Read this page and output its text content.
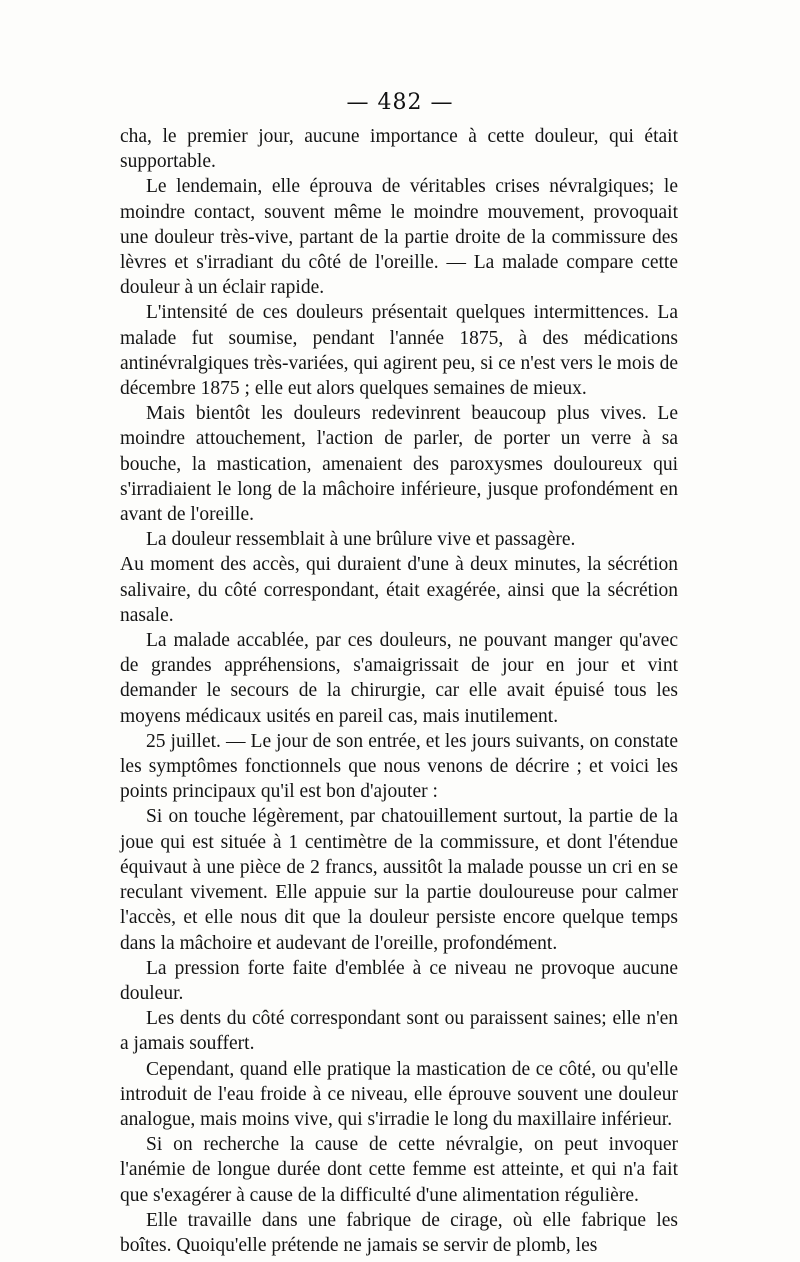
— 482 —

cha, le premier jour, aucune importance à cette douleur, qui était supportable.

Le lendemain, elle éprouva de véritables crises névralgiques; le moindre contact, souvent même le moindre mouvement, provoquait une douleur très-vive, partant de la partie droite de la commissure des lèvres et s'irradiant du côté de l'oreille. — La malade compare cette douleur à un éclair rapide.

L'intensité de ces douleurs présentait quelques intermittences. La malade fut soumise, pendant l'année 1875, à des médications antinévralgiques très-variées, qui agirent peu, si ce n'est vers le mois de décembre 1875 ; elle eut alors quelques semaines de mieux.

Mais bientôt les douleurs redevinrent beaucoup plus vives. Le moindre attouchement, l'action de parler, de porter un verre à sa bouche, la mastication, amenaient des paroxysmes douloureux qui s'irradiaient le long de la mâchoire inférieure, jusque profondément en avant de l'oreille.

La douleur ressemblait à une brûlure vive et passagère.

Au moment des accès, qui duraient d'une à deux minutes, la sécrétion salivaire, du côté correspondant, était exagérée, ainsi que la sécrétion nasale.

La malade accablée, par ces douleurs, ne pouvant manger qu'avec de grandes appréhensions, s'amaigrissait de jour en jour et vint demander le secours de la chirurgie, car elle avait épuisé tous les moyens médicaux usités en pareil cas, mais inutilement.

25 juillet. — Le jour de son entrée, et les jours suivants, on constate les symptômes fonctionnels que nous venons de décrire ; et voici les points principaux qu'il est bon d'ajouter :

Si on touche légèrement, par chatouillement surtout, la partie de la joue qui est située à 1 centimètre de la commissure, et dont l'étendue équivaut à une pièce de 2 francs, aussitôt la malade pousse un cri en se reculant vivement. Elle appuie sur la partie douloureuse pour calmer l'accès, et elle nous dit que la douleur persiste encore quelque temps dans la mâchoire et audevant de l'oreille, profondément.

La pression forte faite d'emblée à ce niveau ne provoque aucune douleur.

Les dents du côté correspondant sont ou paraissent saines; elle n'en a jamais souffert.

Cependant, quand elle pratique la mastication de ce côté, ou qu'elle introduit de l'eau froide à ce niveau, elle éprouve souvent une douleur analogue, mais moins vive, qui s'irradie le long du maxillaire inférieur.

Si on recherche la cause de cette névralgie, on peut invoquer l'anémie de longue durée dont cette femme est atteinte, et qui n'a fait que s'exagérer à cause de la difficulté d'une alimentation régulière.

Elle travaille dans une fabrique de cirage, où elle fabrique les boîtes. Quoiqu'elle prétende ne jamais se servir de plomb, les
